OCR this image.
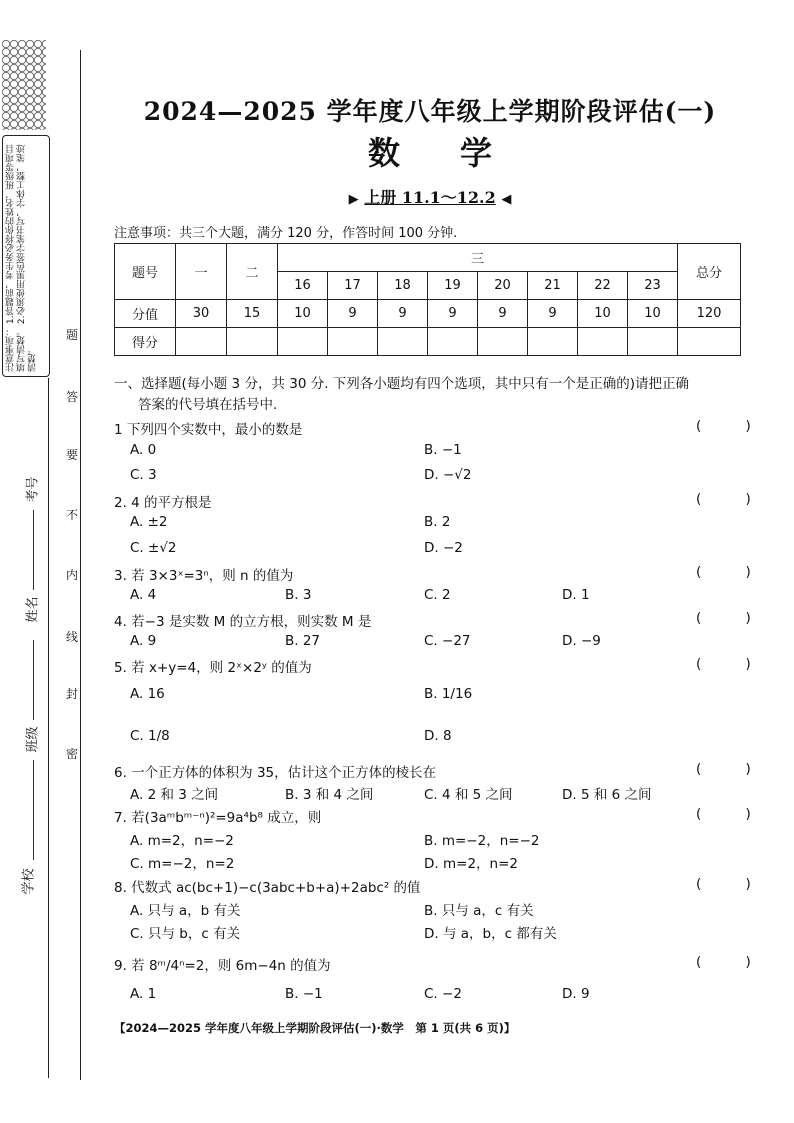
注意事项： 1.答题前，考生务必将你的姓名、班级等项目填写清楚。 2.必须使用黑色签字笔书写，字体工整，笔迹清楚。
学校
班级
姓名
考号
密
封
线
内
不
要
答
题
2024—2025 学年度八年级上学期阶段评估(一)
数学
▶ 上册 11.1～12.2 ◀
注意事项：共三个大题，满分 120 分，作答时间 100 分钟.
题号	一	二	三								总分
			16	17	18	19	20	21	22	23	
分值	30	15	10	9	9	9	9	9	10	10	120
得分											
一、选择题(每小题 3 分，共 30 分. 下列各小题均有四个选项，其中只有一个是正确的)请把正确
答案的代号填在括号中.
1 下列四个实数中，最小的数是	( )
A. 0	B. −1
C. 3	D. −√2
2. 4 的平方根是	( )
A. ±2	B. 2
C. ±√2	D. −2
3. 若 3×3ˣ=3ⁿ，则 n 的值为	( )
A. 4	B. 3	C. 2	D. 1
4. 若−3 是实数 M 的立方根，则实数 M 是	( )
A. 9	B. 27	C. −27	D. −9
5. 若 x+y=4，则 2ˣ×2ʸ 的值为	( )
A. 16	B. 1/16
C. 1/8	D. 8
6. 一个正方体的体积为 35，估计这个正方体的棱长在	( )
A. 2 和 3 之间	B. 3 和 4 之间	C. 4 和 5 之间	D. 5 和 6 之间
7. 若(3aᵐbᵐ⁻ⁿ)²=9a⁴b⁸ 成立，则	( )
A. m=2，n=−2	B. m=−2，n=−2
C. m=−2，n=2	D. m=2，n=2
8. 代数式 ac(bc+1)−c(3abc+b+a)+2abc² 的值	( )
A. 只与 a，b 有关	B. 只与 a，c 有关
C. 只与 b，c 有关	D. 与 a，b，c 都有关
9. 若 8ᵐ/4ⁿ=2，则 6m−4n 的值为	( )
A. 1	B. −1	C. −2	D. 9
【2024—2025 学年度八年级上学期阶段评估(一)·数学　第 1 页(共 6 页)】
